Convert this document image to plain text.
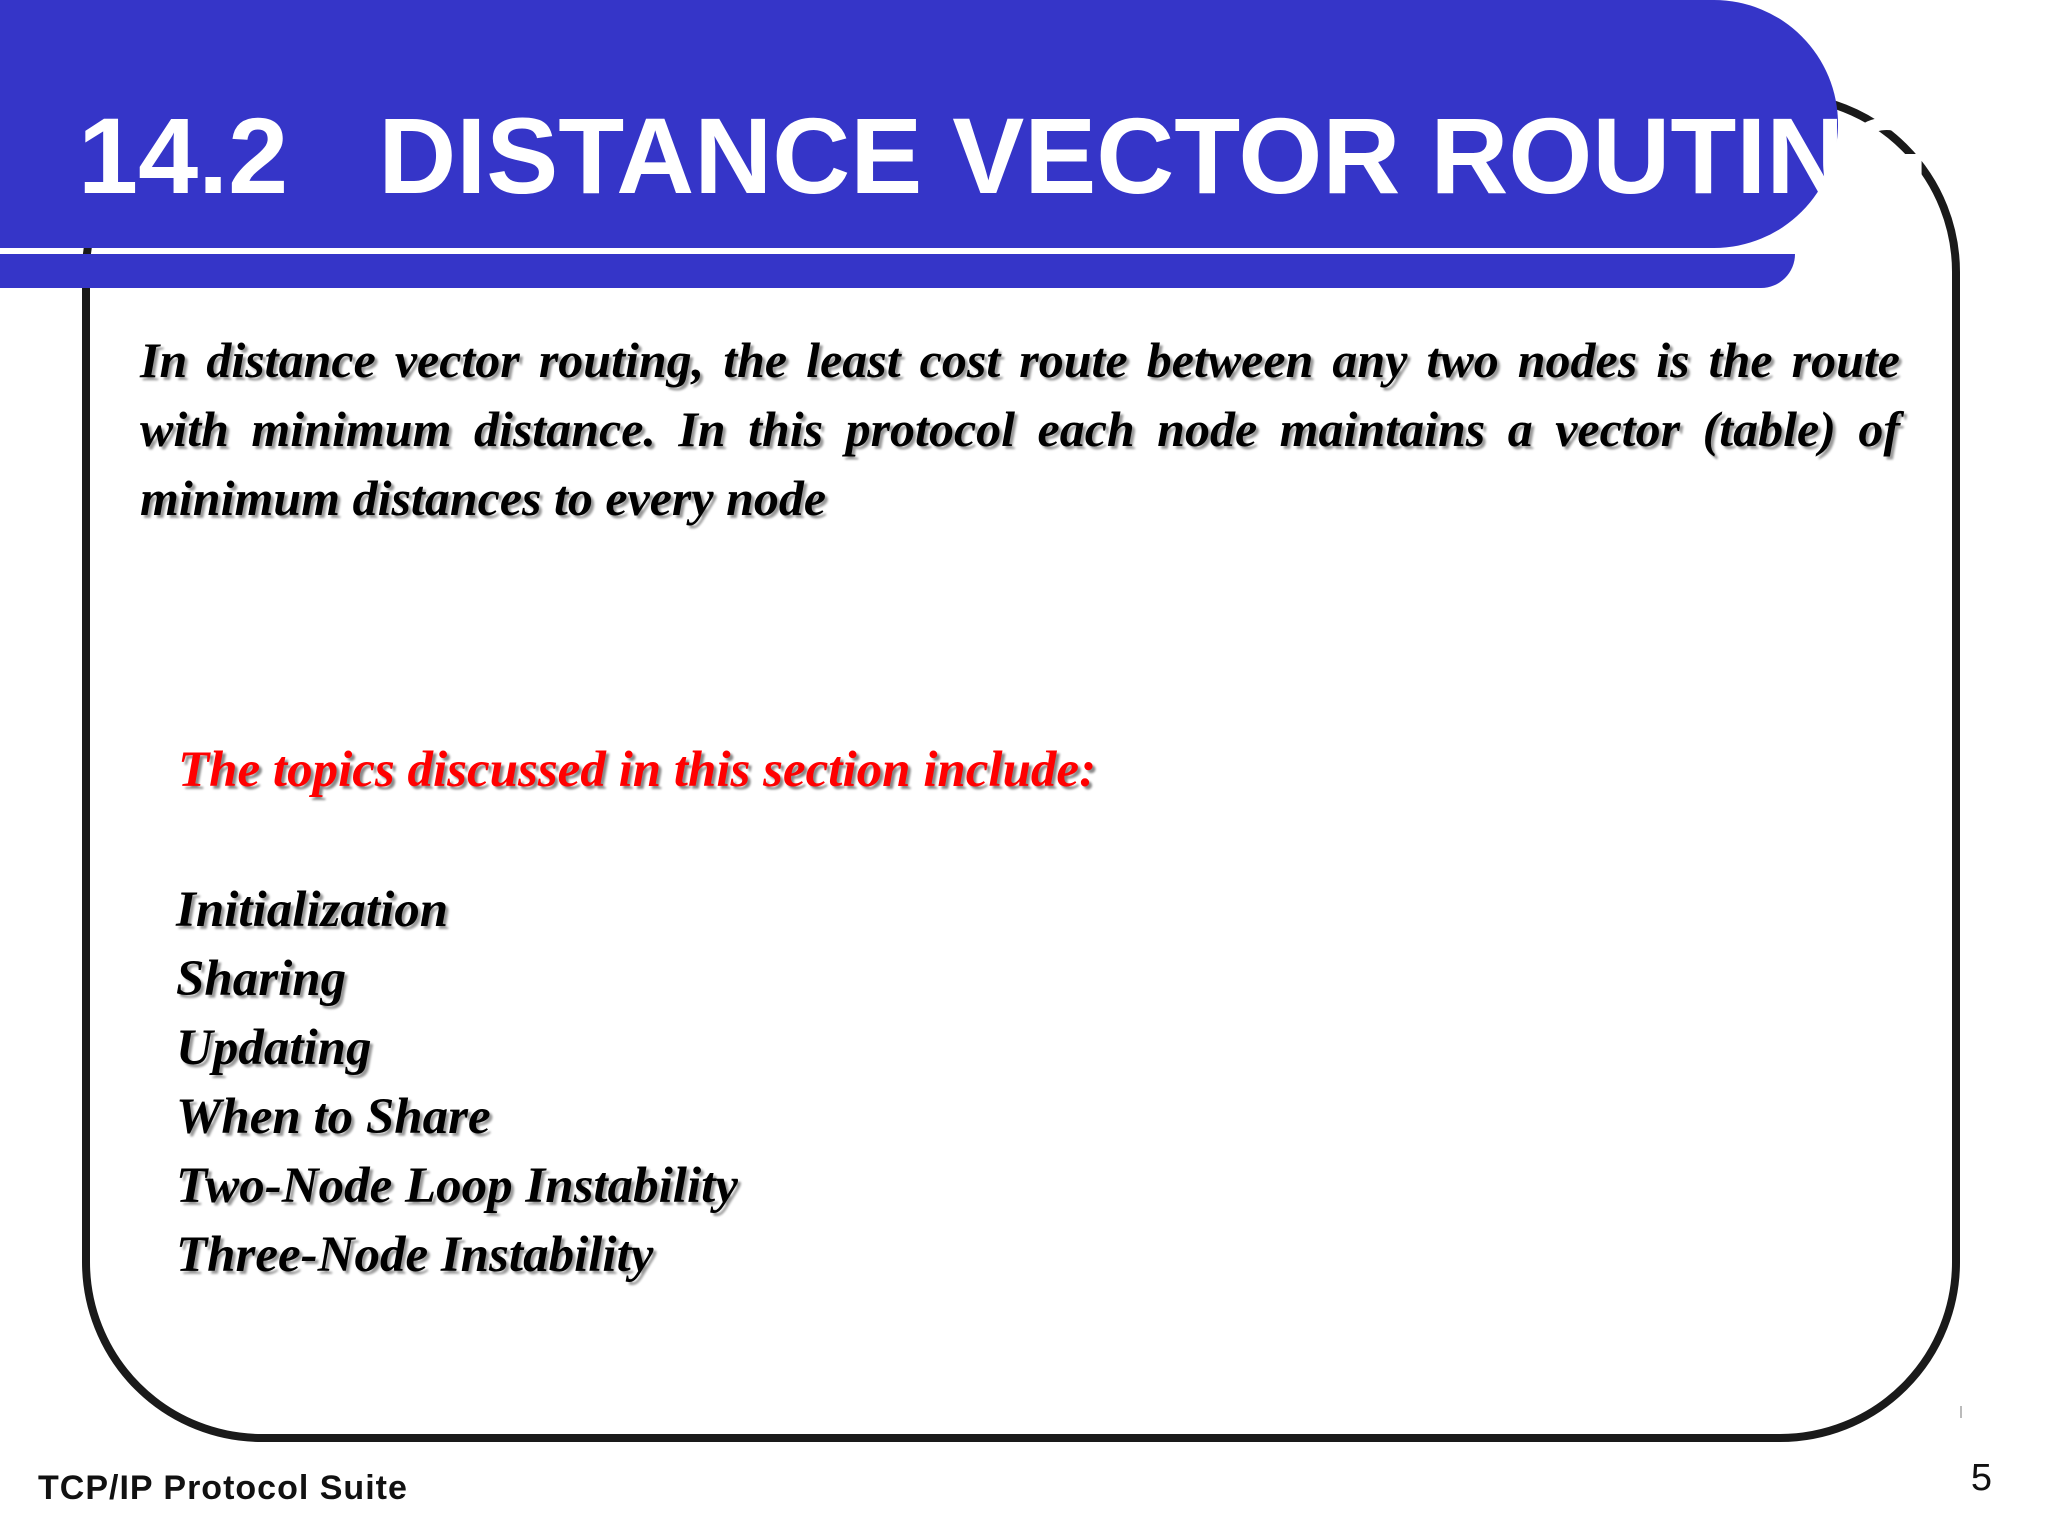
14.2   DISTANCE VECTOR ROUTING

In distance vector routing, the least cost route between any two nodes is the route with minimum distance. In this protocol each node maintains a vector (table) of minimum distances to every node

The topics discussed in this section include:

Initialization
Sharing
Updating
When to Share
Two-Node Loop Instability
Three-Node Instability
TCP/IP Protocol Suite	5
